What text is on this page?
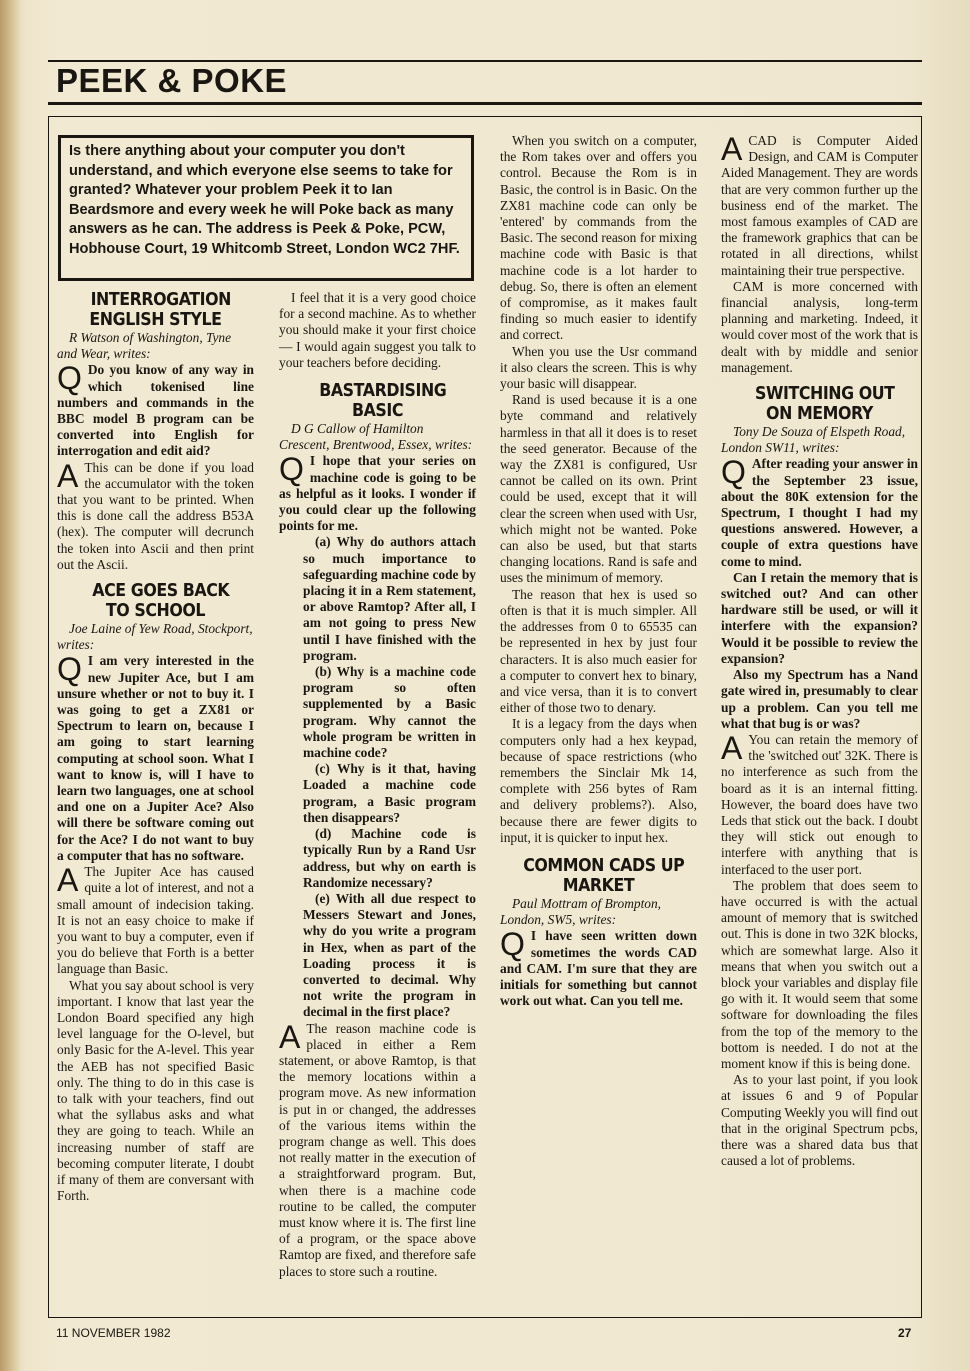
PEEK & POKE
Is there anything about your computer you don't understand, and which everyone else seems to take for granted? Whatever your problem Peek it to Ian Beardsmore and every week he will Poke back as many answers as he can. The address is Peek & Poke, PCW, Hobhouse Court, 19 Whitcomb Street, London WC2 7HF.

INTERROGATION ENGLISH STYLE

R Watson of Washington, Tyne and Wear, writes:

Q Do you know of any way in which tokenised line numbers and commands in the BBC model B program can be converted into English for interrogation and edit aid?

A This can be done if you load the accumulator with the token that you want to be printed. When this is done call the address B53A (hex). The computer will decrunch the token into Ascii and then print out the Ascii.

ACE GOES BACK TO SCHOOL

Joe Laine of Yew Road, Stockport, writes:

Q I am very interested in the new Jupiter Ace, but I am unsure whether or not to buy it. I was going to get a ZX81 or Spectrum to learn on, because I am going to start learning computing at school soon. What I want to know is, will I have to learn two languages, one at school and one on a Jupiter Ace? Also will there be software coming out for the Ace? I do not want to buy a computer that has no software.

A The Jupiter Ace has caused quite a lot of interest, and not a small amount of indecision taking. It is not an easy choice to make if you want to buy a computer, even if you do believe that Forth is a better language than Basic.

What you say about school is very important. I know that last year the London Board specified any high level language for the O-level, but only Basic for the A-level. This year the AEB has not specified Basic only. The thing to do in this case is to talk with your teachers, find out what the syllabus asks and what they are going to teach. While an increasing number of staff are becoming computer literate, I doubt if many of them are conversant with Forth.

I feel that it is a very good choice for a second machine. As to whether you should make it your first choice — I would again suggest you talk to your teachers before deciding.

BASTARDISING BASIC

D G Callow of Hamilton Crescent, Brentwood, Essex, writes:

Q I hope that your series on machine code is going to be as helpful as it looks. I wonder if you could clear up the following points for me.

(a) Why do authors attach so much importance to safeguarding machine code by placing it in a Rem statement, or above Ramtop? After all, I am not going to press New until I have finished with the program.

(b) Why is a machine code program so often supplemented by a Basic program. Why cannot the whole program be written in machine code?

(c) Why is it that, having Loaded a machine code program, a Basic program then disappears?

(d) Machine code is typically Run by a Rand Usr address, but why on earth is Randomize necessary?

(e) With all due respect to Messers Stewart and Jones, why do you write a program in Hex, when as part of the Loading process it is converted to decimal. Why not write the program in decimal in the first place?

A The reason machine code is placed in either a Rem statement, or above Ramtop, is that the memory locations within a program move. As new information is put in or changed, the addresses of the various items within the program change as well. This does not really matter in the execution of a straightforward program. But, when there is a machine code routine to be called, the computer must know where it is. The first line of a program, or the space above Ramtop are fixed, and therefore safe places to store such a routine.

When you switch on a computer, the Rom takes over and offers you control. Because the Rom is in Basic, the control is in Basic. On the ZX81 machine code can only be 'entered' by commands from the Basic. The second reason for mixing machine code with Basic is that machine code is a lot harder to debug. So, there is often an element of compromise, as it makes fault finding so much easier to identify and correct.

When you use the Usr command it also clears the screen. This is why your basic will disappear.

Rand is used because it is a one byte command and relatively harmless in that all it does is to reset the seed generator. Because of the way the ZX81 is configured, Usr cannot be called on its own. Print could be used, except that it will clear the screen when used with Usr, which might not be wanted. Poke can also be used, but that starts changing locations. Rand is safe and uses the minimum of memory.

The reason that hex is used so often is that it is much simpler. All the addresses from 0 to 65535 can be represented in hex by just four characters. It is also much easier for a computer to convert hex to binary, and vice versa, than it is to convert either of those two to denary.

It is a legacy from the days when computers only had a hex keypad, because of space restrictions (who remembers the Sinclair Mk 14, complete with 256 bytes of Ram and delivery problems?). Also, because there are fewer digits to input, it is quicker to input hex.

COMMON CADS UP MARKET

Paul Mottram of Brompton, London, SW5, writes:

Q I have seen written down sometimes the words CAD and CAM. I'm sure that they are initials for something but cannot work out what. Can you tell me.

ACAD is Computer Aided Design, and CAM is Computer Aided Management. They are words that are very common further up the business end of the market. The most famous examples of CAD are the framework graphics that can be rotated in all directions, whilst maintaining their true perspective.

CAM is more concerned with financial analysis, long-term planning and marketing. Indeed, it would cover most of the work that is dealt with by middle and senior management.

SWITCHING OUT ON MEMORY

Tony De Souza of Elspeth Road, London SW11, writes:

Q After reading your answer in the September 23 issue, about the 80K extension for the Spectrum, I thought I had my questions answered. However, a couple of extra questions have come to mind.

Can I retain the memory that is switched out? And can other hardware still be used, or will it interfere with the expansion? Would it be possible to review the expansion?

Also my Spectrum has a Nand gate wired in, presumably to clear up a problem. Can you tell me what that bug is or was?

A You can retain the memory of the 'switched out' 32K. There is no interference as such from the board as it is an internal fitting. However, the board does have two Leds that stick out the back. I doubt they will stick out enough to interfere with anything that is interfaced to the user port.

The problem that does seem to have occurred is with the actual amount of memory that is switched out. This is done in two 32K blocks, which are somewhat large. Also it means that when you switch out a block your variables and display file go with it. It would seem that some software for downloading the files from the top of the memory to the bottom is needed. I do not at the moment know if this is being done.

As to your last point, if you look at issues 6 and 9 of Popular Computing Weekly you will find out that in the original Spectrum pcbs, there was a shared data bus that caused a lot of problems.

11 NOVEMBER 1982	27
